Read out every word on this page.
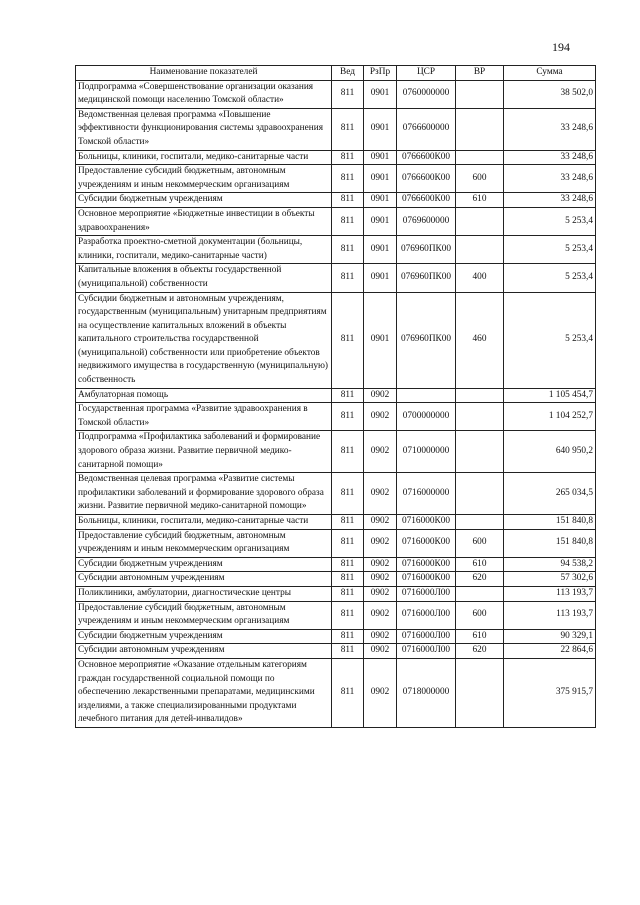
194
Наименование показателей	Вед	РзПр	ЦСР	ВР	Сумма
Подпрограмма «Совершенствование организации оказания медицинской помощи населению Томской области»	811	0901	0760000000		38 502,0
Ведомственная целевая программа «Повышение эффективности функционирования системы здравоохранения Томской области»	811	0901	0766600000		33 248,6
Больницы, клиники, госпитали, медико-санитарные части	811	0901	0766600К00		33 248,6
Предоставление субсидий бюджетным, автономным учреждениям и иным некоммерческим организациям	811	0901	0766600К00	600	33 248,6
Субсидии бюджетным учреждениям	811	0901	0766600К00	610	33 248,6
Основное мероприятие «Бюджетные инвестиции в объекты здравоохранения»	811	0901	0769600000		5 253,4
Разработка проектно-сметной документации (больницы, клиники, госпитали, медико-санитарные части)	811	0901	076960ПК00		5 253,4
Капитальные вложения в объекты государственной (муниципальной) собственности	811	0901	076960ПК00	400	5 253,4
Субсидии бюджетным и автономным учреждениям, государственным (муниципальным) унитарным предприятиям на осуществление капитальных вложений в объекты капитального строительства государственной (муниципальной) собственности или приобретение объектов недвижимого имущества в государственную (муниципальную) собственность	811	0901	076960ПК00	460	5 253,4
Амбулаторная помощь	811	0902			1 105 454,7
Государственная программа «Развитие здравоохранения в Томской области»	811	0902	0700000000		1 104 252,7
Подпрограмма «Профилактика заболеваний и формирование здорового образа жизни. Развитие первичной медико-санитарной помощи»	811	0902	0710000000		640 950,2
Ведомственная целевая программа «Развитие системы профилактики заболеваний и формирование здорового образа жизни. Развитие первичной медико-санитарной помощи»	811	0902	0716000000		265 034,5
Больницы, клиники, госпитали, медико-санитарные части	811	0902	0716000К00		151 840,8
Предоставление субсидий бюджетным, автономным учреждениям и иным некоммерческим организациям	811	0902	0716000К00	600	151 840,8
Субсидии бюджетным учреждениям	811	0902	0716000К00	610	94 538,2
Субсидии автономным учреждениям	811	0902	0716000К00	620	57 302,6
Поликлиники, амбулатории, диагностические центры	811	0902	0716000Л00		113 193,7
Предоставление субсидий бюджетным, автономным учреждениям и иным некоммерческим организациям	811	0902	0716000Л00	600	113 193,7
Субсидии бюджетным учреждениям	811	0902	0716000Л00	610	90 329,1
Субсидии автономным учреждениям	811	0902	0716000Л00	620	22 864,6
Основное мероприятие «Оказание отдельным категориям граждан государственной социальной помощи по обеспечению лекарственными препаратами, медицинскими изделиями, а также специализированными продуктами лечебного питания для детей-инвалидов»	811	0902	0718000000		375 915,7
